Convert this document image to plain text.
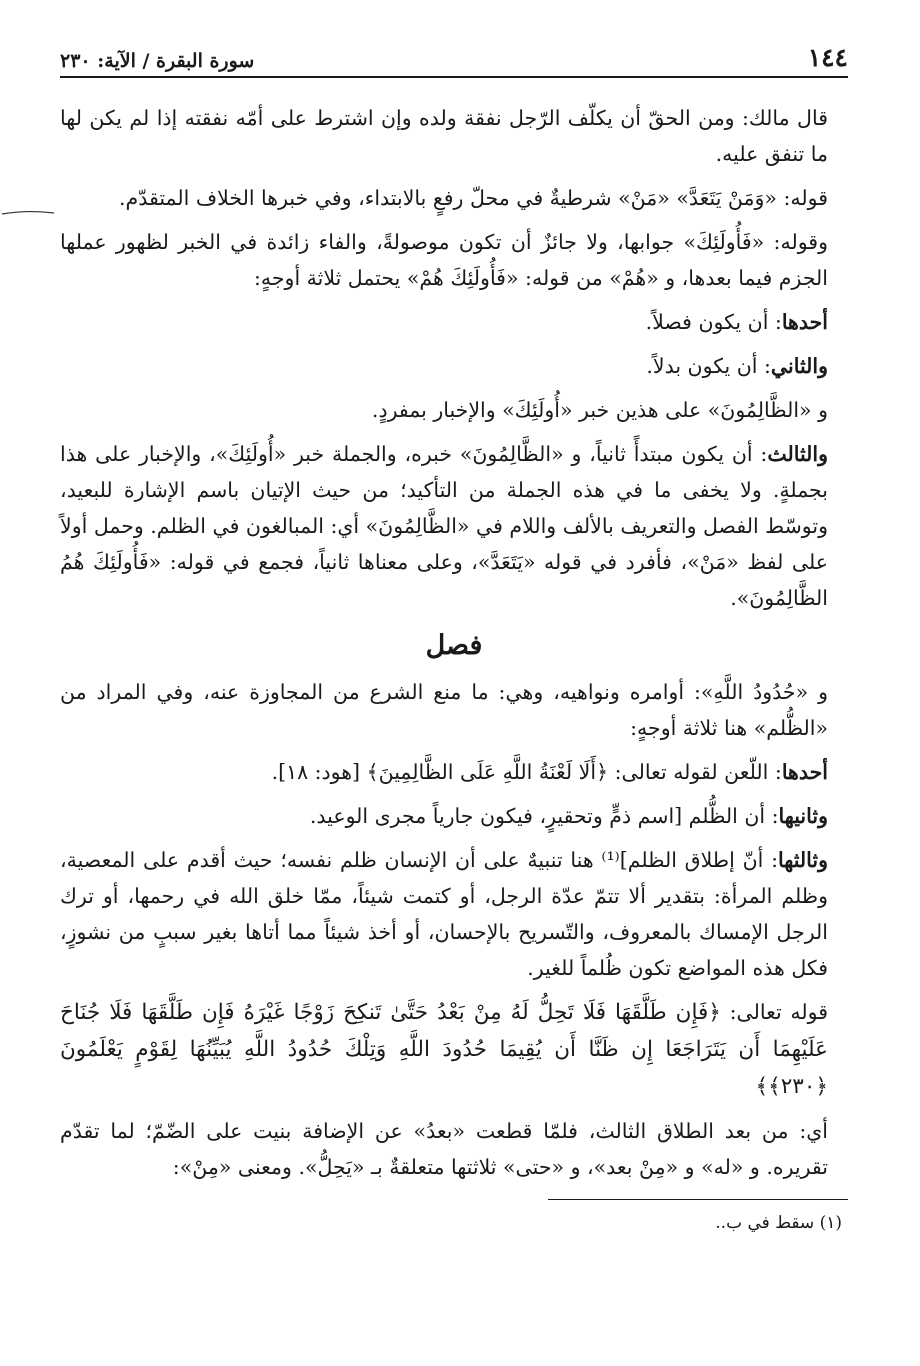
١٤٤
سورة البقرة / الآية: ٢٣٠

قال مالك: ومن الحقّ أن يكلّف الرّجل نفقة ولده وإن اشترط على أمّه نفقته إذا لم يكن لها ما تنفق عليه.

قوله: «وَمَنْ يَتَعَدَّ» «مَنْ» شرطيةٌ في محلّ رفعٍ بالابتداء، وفي خبرها الخلاف المتقدّم.

وقوله: «فَأُولَئِكَ» جوابها، ولا جائزٌ أن تكون موصولةً، والفاء زائدة في الخبر لظهور عملها الجزم فيما بعدها، و «هُمْ» من قوله: «فَأُولَئِكَ هُمْ» يحتمل ثلاثة أوجهٍ:

أحدها: أن يكون فصلاً.

والثاني: أن يكون بدلاً.

و «الظَّالِمُونَ» على هذين خبر «أُولَئِكَ» والإخبار بمفردٍ.

والثالث: أن يكون مبتدأً ثانياً، و «الظَّالِمُونَ» خبره، والجملة خبر «أُولَئِكَ»، والإخبار على هذا بجملةٍ. ولا يخفى ما في هذه الجملة من التأكيد؛ من حيث الإتيان باسم الإشارة للبعيد، وتوسّط الفصل والتعريف بالألف واللام في «الظَّالِمُونَ» أي: المبالغون في الظلم. وحمل أولاً على لفظ «مَنْ»، فأفرد في قوله «يَتَعَدَّ»، وعلى معناها ثانياً، فجمع في قوله: «فَأُولَئِكَ هُمُ الظَّالِمُونَ».

فصل

و «حُدُودُ اللَّهِ»: أوامره ونواهيه، وهي: ما منع الشرع من المجاوزة عنه، وفي المراد من «الظُّلم» هنا ثلاثة أوجهٍ:

أحدها: اللّعن لقوله تعالى: ﴿أَلَا لَعْنَةُ اللَّهِ عَلَى الظَّالِمِينَ﴾ [هود: ١٨].

وثانيها: أن الظُّلم [اسم ذمٍّ وتحقيرٍ، فيكون جارياً مجرى الوعيد.

وثالثها: أنّ إطلاق الظلم]⁽¹⁾ هنا تنبيهٌ على أن الإنسان ظلم نفسه؛ حيث أقدم على المعصية، وظلم المرأة: بتقدير ألا تتمّ عدّة الرجل، أو كتمت شيئاً، ممّا خلق الله في رحمها، أو ترك الرجل الإمساك بالمعروف، والتّسريح بالإحسان، أو أخذ شيئاً مما أتاها بغير سببٍ من نشوزٍ، فكل هذه المواضع تكون ظُلماً للغير.

قوله تعالى: ﴿فَإِن طَلَّقَهَا فَلَا تَحِلُّ لَهُ مِنْ بَعْدُ حَتَّىٰ تَنكِحَ زَوْجًا غَيْرَهُ فَإِن طَلَّقَهَا فَلَا جُنَاحَ عَلَيْهِمَا أَن يَتَرَاجَعَا إِن ظَنَّا أَن يُقِيمَا حُدُودَ اللَّهِ وَتِلْكَ حُدُودُ اللَّهِ يُبَيِّنُهَا لِقَوْمٍ يَعْلَمُونَ ﴿٢٣٠﴾﴾

أي: من بعد الطلاق الثالث، فلمّا قطعت «بعدُ» عن الإضافة بنيت على الضّمّ؛ لما تقدّم تقريره. و «له» و «مِنْ بعد»، و «حتى» ثلاثتها متعلقةٌ بـ «يَحِلُّ». ومعنى «مِنْ»:

(١) سقط في ب..
